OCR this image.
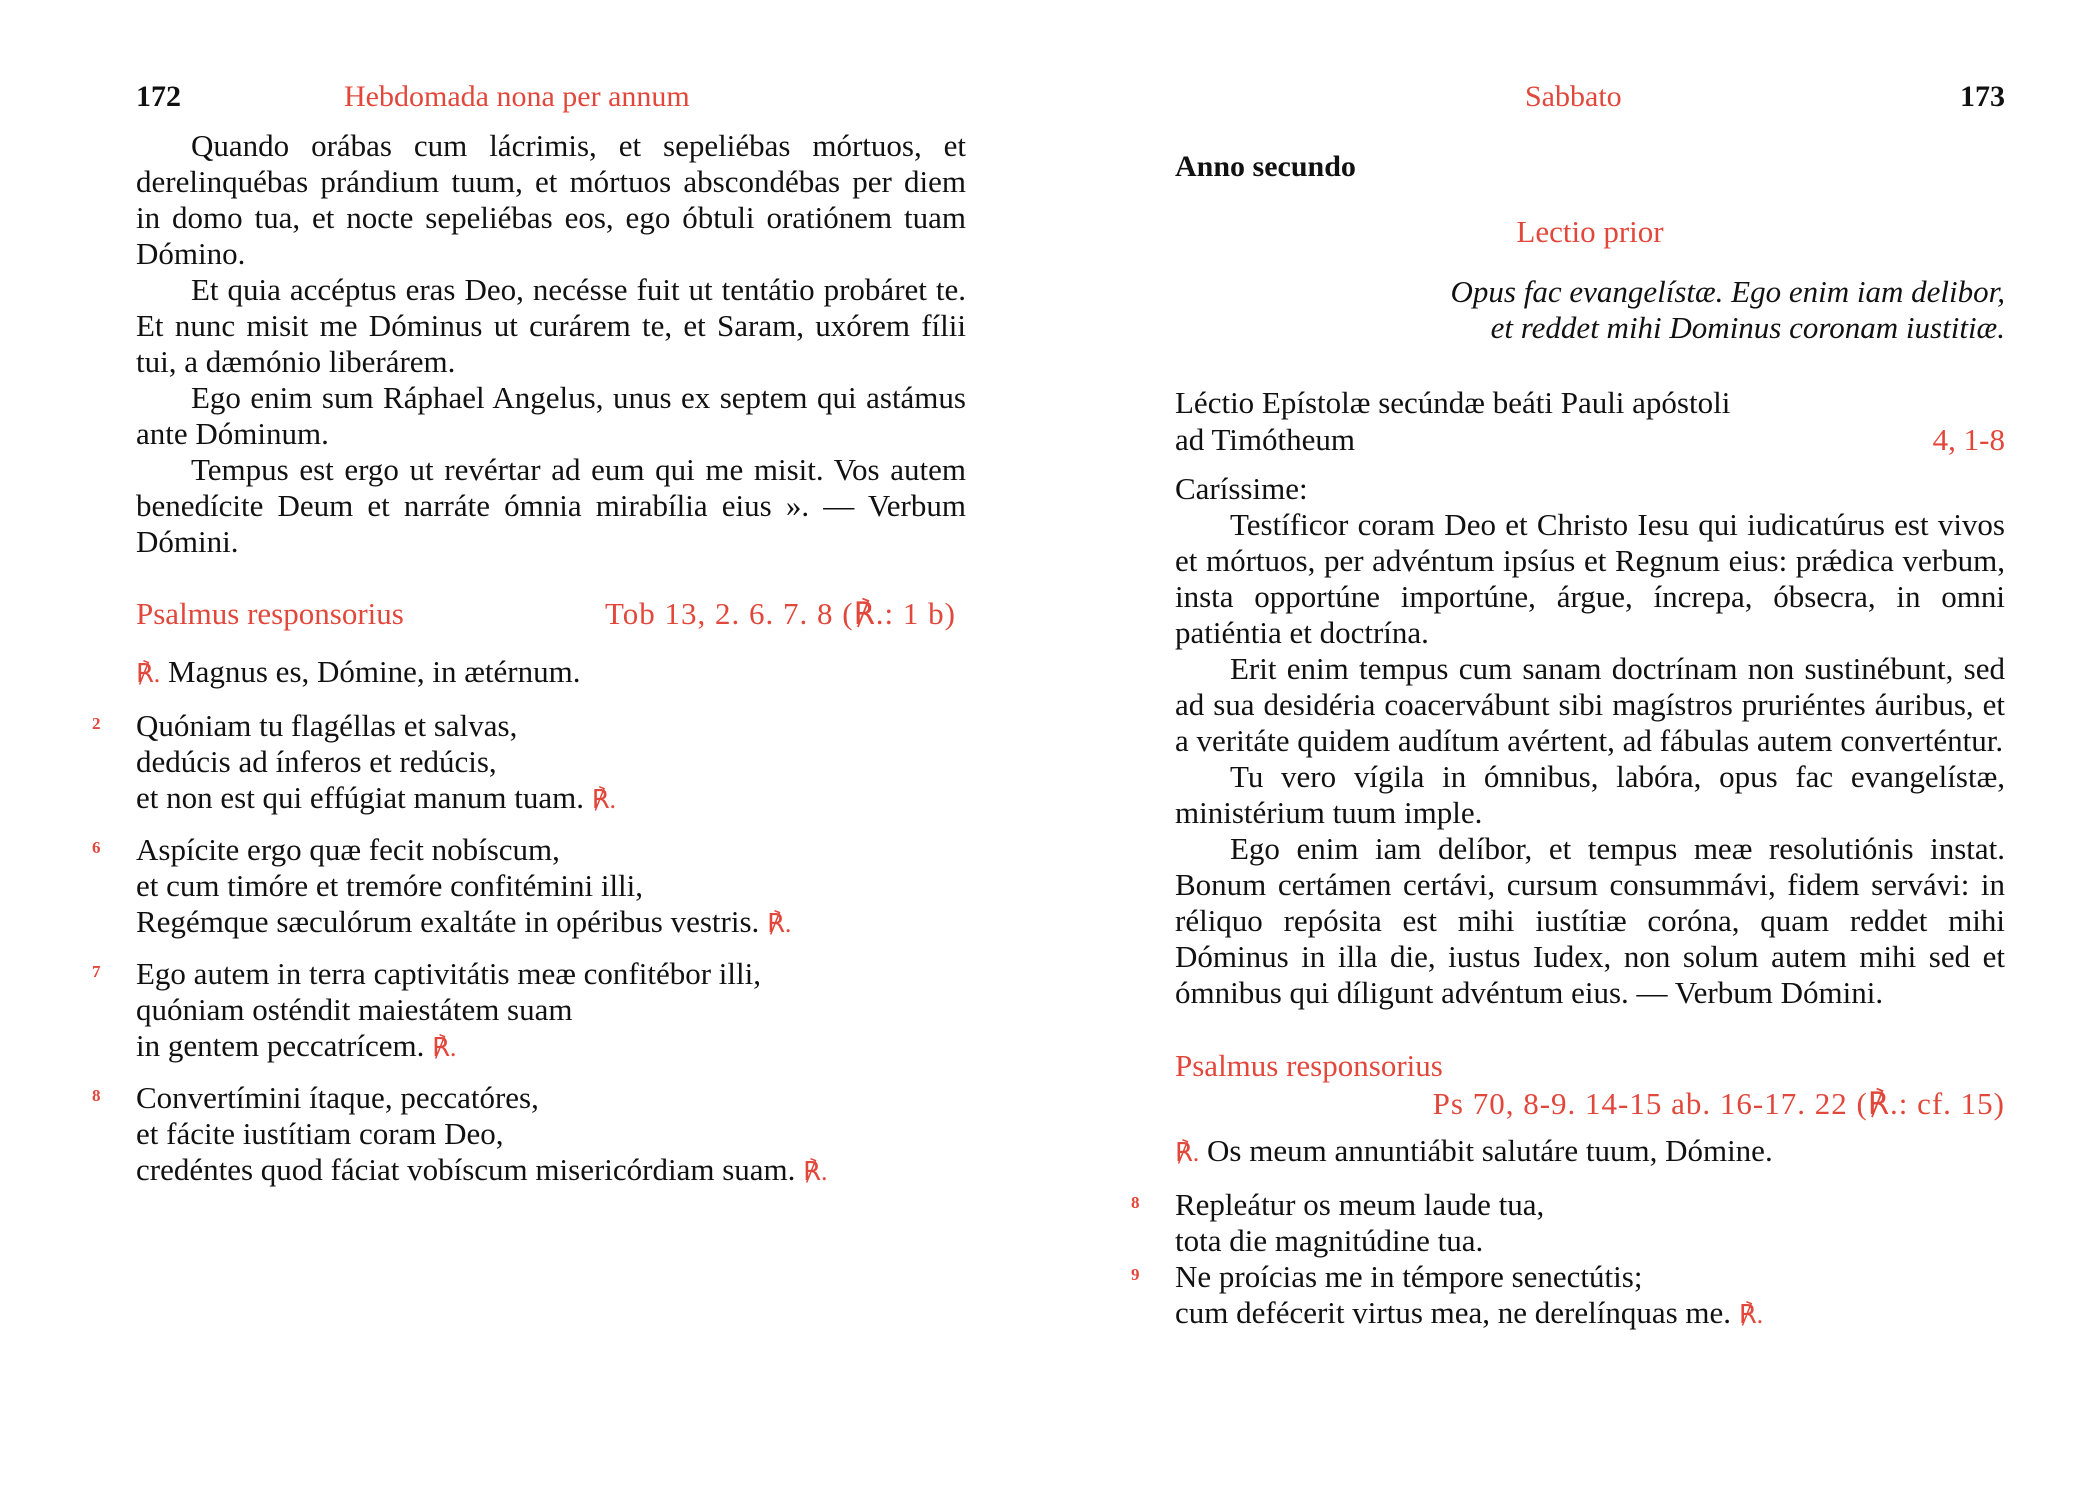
172	Hebdomada nona per annum

Quando orábas cum lácrimis, et sepeliébas mórtuos, et derelinquébas prándium tuum, et mórtuos abscondébas per diem in domo tua, et nocte sepeliébas eos, ego óbtuli oratiónem tuam Dómino.

Et quia accéptus eras Deo, necésse fuit ut tentátio probáret te. Et nunc misit me Dóminus ut curárem te, et Saram, uxórem fílii tui, a dæmónio liberárem.

Ego enim sum Ráphael Angelus, unus ex septem qui astámus ante Dóminum.

Tempus est ergo ut revértar ad eum qui me misit. Vos autem benedícite Deum et narráte ómnia mirabília eius ». — Verbum Dómini.

Psalmus responsorius	Tob 13, 2. 6. 7. 8 (℟.: 1 b)
℟. Magnus es, Dómine, in ætérnum.
2 Quóniam tu flagéllas et salvas,
dedúcis ad ínferos et redúcis,
et non est qui effúgiat manum tuam. ℟.
6 Aspícite ergo quæ fecit nobíscum,
et cum timóre et tremóre confitémini illi,
Regémque sæculórum exaltáte in opéribus vestris. ℟.
7 Ego autem in terra captivitátis meæ confitébor illi,
quóniam osténdit maiestátem suam
in gentem peccatrícem. ℟.
8 Convertímini ítaque, peccatóres,
et fácite iustítiam coram Deo,
credéntes quod fáciat vobíscum misericórdiam suam. ℟.
Sabbato	173
Anno secundo
Lectio prior
Opus fac evangelístæ. Ego enim iam delibor,
et reddet mihi Dominus coronam iustitiæ.
Léctio Epístolæ secúndæ beáti Pauli apóstoli
ad Timótheum	4, 1-8
Caríssime:

Testíficor coram Deo et Christo Iesu qui iudicatúrus est vivos et mórtuos, per advéntum ipsíus et Regnum eius: prǽdica verbum, insta opportúne importúne, árgue, íncrepa, óbsecra, in omni patiéntia et doctrína.

Erit enim tempus cum sanam doctrínam non sustinébunt, sed ad sua desidéria coacervábunt sibi magístros pruriéntes áuribus, et a veritáte quidem audítum avértent, ad fábulas autem converténtur.

Tu vero vígila in ómnibus, labóra, opus fac evangelístæ, ministérium tuum imple.

Ego enim iam delíbor, et tempus meæ resolutiónis instat. Bonum certámen certávi, cursum consummávi, fidem servávi: in réliquo repósita est mihi iustítiæ coróna, quam reddet mihi Dóminus in illa die, iustus Iudex, non solum autem mihi sed et ómnibus qui díligunt advéntum eius. — Verbum Dómini.

Psalmus responsorius
Ps 70, 8-9. 14-15 ab. 16-17. 22 (℟.: cf. 15)
℟. Os meum annuntiábit salutáre tuum, Dómine.
8 Repleátur os meum laude tua,
tota die magnitúdine tua.
9 Ne proícias me in témpore senectútis;
cum defécerit virtus mea, ne derelínquas me. ℟.
